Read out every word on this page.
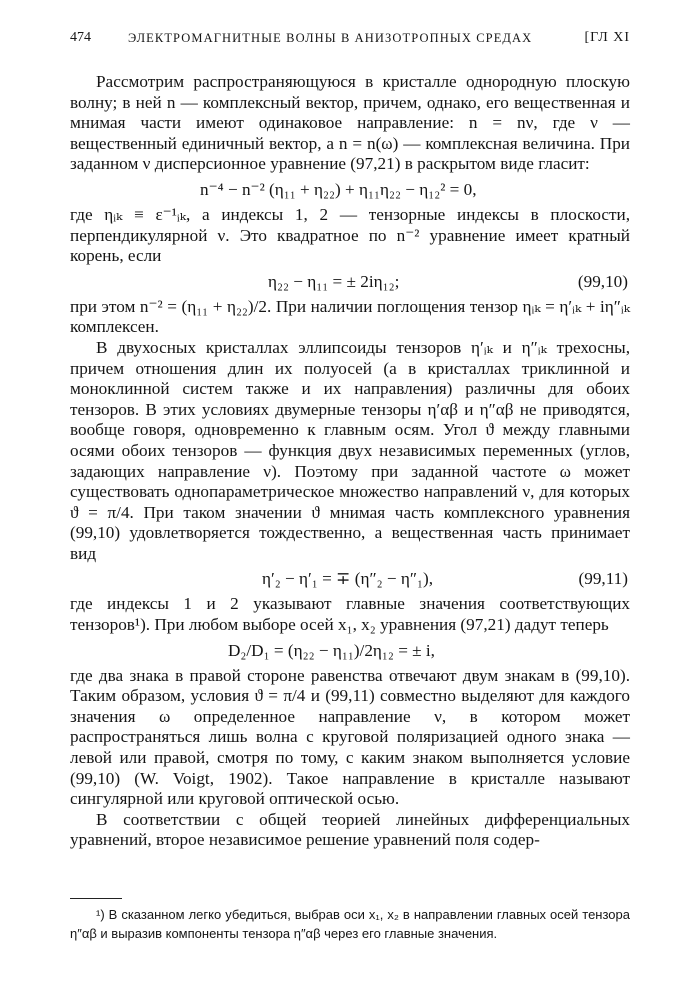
474	ЭЛЕКТРОМАГНИТНЫЕ ВОЛНЫ В АНИЗОТРОПНЫХ СРЕДАХ	[ГЛ XI

Рассмотрим распространяющуюся в кристалле однородную плоскую волну; в ней n — комплексный вектор, причем, однако, его вещественная и мнимая части имеют одинаковое направление: n = nν, где ν — вещественный единичный вектор, а n = n(ω) — комплексная величина. При заданном ν дисперсионное уравнение (97,21) в раскрытом виде гласит:

n⁻⁴ − n⁻² (η₁₁ + η₂₂) + η₁₁η₂₂ − η₁₂² = 0,

где ηᵢₖ ≡ ε⁻¹ᵢₖ, а индексы 1, 2 — тензорные индексы в плоскости, перпендикулярной ν. Это квадратное по n⁻² уравнение имеет кратный корень, если

η₂₂ − η₁₁ = ± 2iη₁₂;	(99,10)

при этом n⁻² = (η₁₁ + η₂₂)/2. При наличии поглощения тензор ηᵢₖ = η′ᵢₖ + iη″ᵢₖ комплексен.

В двухосных кристаллах эллипсоиды тензоров η′ᵢₖ и η″ᵢₖ трехосны, причем отношения длин их полуосей (а в кристаллах триклинной и моноклинной систем также и их направления) различны для обоих тензоров. В этих условиях двумерные тензоры η′αβ и η″αβ не приводятся, вообще говоря, одновременно к главным осям. Угол ϑ между главными осями обоих тензоров — функция двух независимых переменных (углов, задающих направление ν). Поэтому при заданной частоте ω может существовать однопараметрическое множество направлений ν, для которых ϑ = π/4. При таком значении ϑ мнимая часть комплексного уравнения (99,10) удовлетворяется тождественно, а вещественная часть принимает вид

η′₂ − η′₁ = ∓ (η″₂ − η″₁),	(99,11)

где индексы 1 и 2 указывают главные значения соответствующих тензоров¹). При любом выборе осей x₁, x₂ уравнения (97,21) дадут теперь

D₂/D₁ = (η₂₂ − η₁₁)/2η₁₂ = ± i,

где два знака в правой стороне равенства отвечают двум знакам в (99,10). Таким образом, условия ϑ = π/4 и (99,11) совместно выделяют для каждого значения ω определенное направление ν, в котором может распространяться лишь волна с круговой поляризацией одного знака — левой или правой, смотря по тому, с каким знаком выполняется условие (99,10) (W. Voigt, 1902). Такое направление в кристалле называют сингулярной или круговой оптической осью.

В соответствии с общей теорией линейных дифференциальных уравнений, второе независимое решение уравнений поля содер-

¹) В сказанном легко убедиться, выбрав оси x₁, x₂ в направлении главных осей тензора η″αβ и выразив компоненты тензора η″αβ через его главные значения.
